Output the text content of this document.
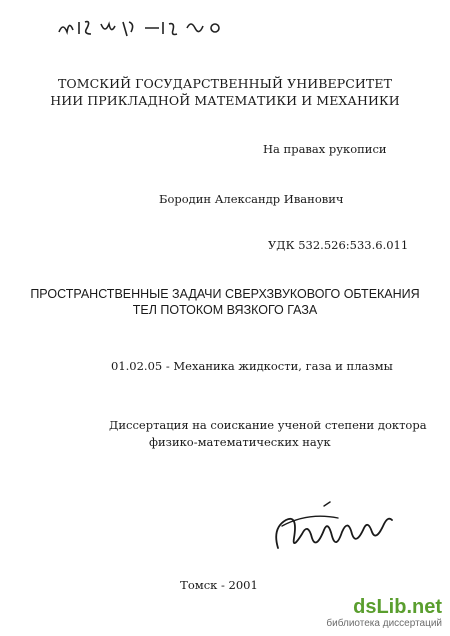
ТОМСКИЙ ГОСУДАРСТВЕННЫЙ УНИВЕРСИТЕТ
НИИ ПРИКЛАДНОЙ МАТЕМАТИКИ И МЕХАНИКИ
На правах рукописи
Бородин Александр Иванович
УДК 532.526:533.6.011
ПРОСТРАНСТВЕННЫЕ ЗАДАЧИ СВЕРХЗВУКОВОГО ОБТЕКАНИЯ
ТЕЛ ПОТОКОМ ВЯЗКОГО ГАЗА
01.02.05 - Механика жидкости, газа и плазмы
Диссертация на соискание ученой степени доктора
физико-математических наук
Томск - 2001
dsLib.net
библиотека диссертаций
